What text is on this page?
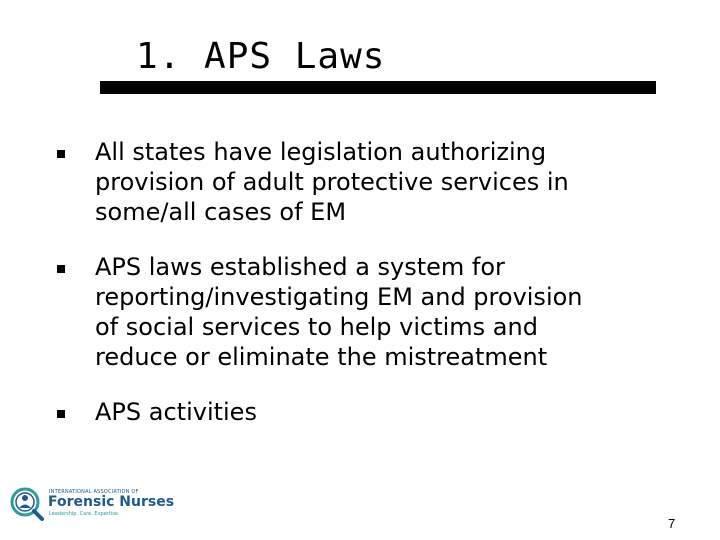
1. APS Laws
All states have legislation authorizing
provision of adult protective services in
some/all cases of EM
APS laws established a system for
reporting/investigating EM and provision
of social services to help victims and
reduce or eliminate the mistreatment
APS activities
INTERNATIONAL ASSOCIATION OF
Forensic Nurses
Leadership. Care. Expertise.
7
